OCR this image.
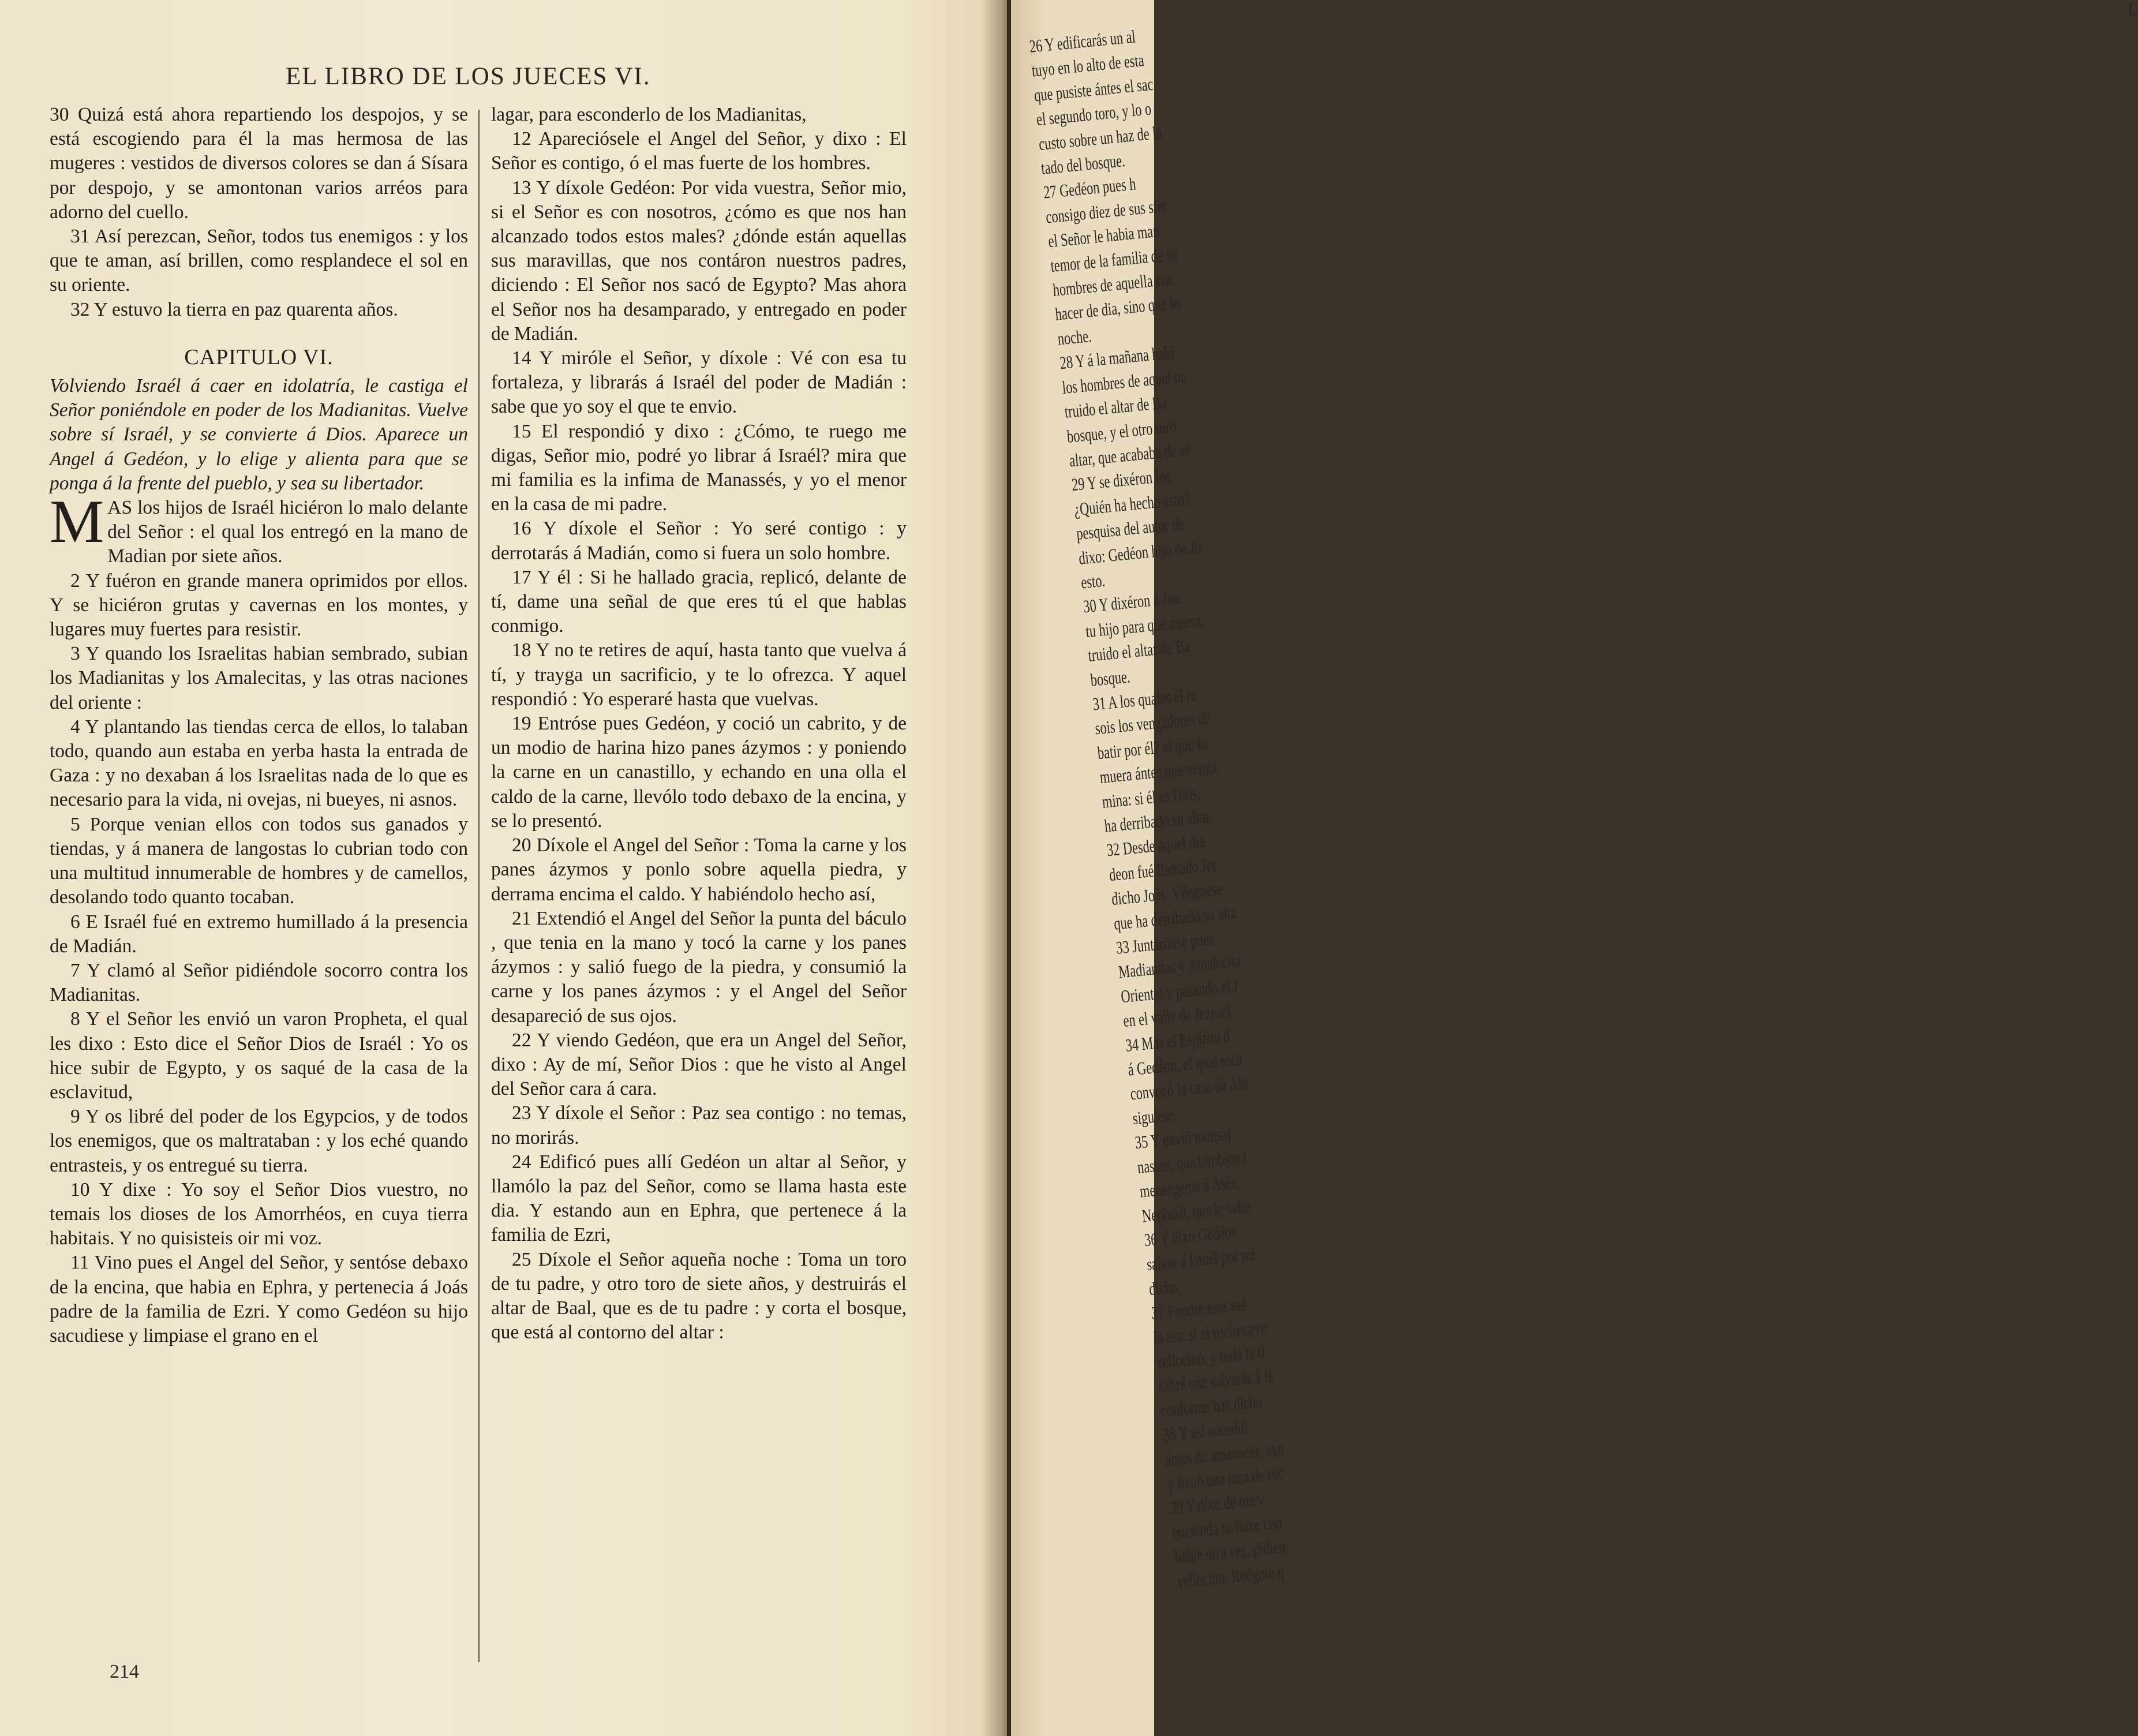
EL LIBRO DE LOS JUECES VI.

30 Quizá está ahora repartiendo los despojos, y se está escogiendo para él la mas hermosa de las mugeres : vestidos de diversos colores se dan á Sísara por despojo, y se amontonan varios arréos para adorno del cuello.

31 Así perezcan, Señor, todos tus enemigos : y los que te aman, así brillen, como resplandece el sol en su oriente.

32 Y estuvo la tierra en paz quarenta años.

CAPITULO VI.

Volviendo Israél á caer en idolatría, le castiga el Señor poniéndole en poder de los Madianitas. Vuelve sobre sí Israél, y se convierte á Dios. Aparece un Angel á Gedéon, y lo elige y alienta para que se ponga á la frente del pueblo, y sea su libertador.

MAS los hijos de Israél hiciéron lo malo delante del Señor : el qual los entregó en la mano de Madian por siete años.

2 Y fuéron en grande manera oprimidos por ellos. Y se hiciéron grutas y cavernas en los montes, y lugares muy fuertes para resistir.

3 Y quando los Israelitas habian sembrado, subian los Madianitas y los Amalecitas, y las otras naciones del oriente :

4 Y plantando las tiendas cerca de ellos, lo talaban todo, quando aun estaba en yerba hasta la entrada de Gaza : y no dexaban á los Israelitas nada de lo que es necesario para la vida, ni ovejas, ni bueyes, ni asnos.

5 Porque venian ellos con todos sus ganados y tiendas, y á manera de langostas lo cubrian todo con una multitud innumerable de hombres y de camellos, desolando todo quanto tocaban.

6 E Israél fué en extremo humillado á la presencia de Madián.

7 Y clamó al Señor pidiéndole socorro contra los Madianitas.

8 Y el Señor les envió un varon Propheta, el qual les dixo : Esto dice el Señor Dios de Israél : Yo os hice subir de Egypto, y os saqué de la casa de la esclavitud,

9 Y os libré del poder de los Egypcios, y de todos los enemigos, que os maltrataban : y los eché quando entrasteis, y os entregué su tierra.

10 Y dixe : Yo soy el Señor Dios vuestro, no temais los dioses de los Amorrhéos, en cuya tierra habitais. Y no quisisteis oir mi voz.

11 Vino pues el Angel del Señor, y sentóse debaxo de la encina, que habia en Ephra, y pertenecia á Joás padre de la familia de Ezri. Y como Gedéon su hijo sacudiese y limpiase el grano en el

lagar, para esconderlo de los Madianitas,

12 Apareciósele el Angel del Señor, y dixo : El Señor es contigo, ó el mas fuerte de los hombres.

13 Y díxole Gedéon: Por vida vuestra, Señor mio, si el Señor es con nosotros, ¿cómo es que nos han alcanzado todos estos males? ¿dónde están aquellas sus maravillas, que nos contáron nuestros padres, diciendo : El Señor nos sacó de Egypto? Mas ahora el Señor nos ha desamparado, y entregado en poder de Madián.

14 Y miróle el Señor, y díxole : Vé con esa tu fortaleza, y librarás á Israél del poder de Madián : sabe que yo soy el que te envio.

15 El respondió y dixo : ¿Cómo, te ruego me digas, Señor mio, podré yo librar á Israél? mira que mi familia es la infima de Manassés, y yo el menor en la casa de mi padre.

16 Y díxole el Señor : Yo seré contigo : y derrotarás á Madián, como si fuera un solo hombre.

17 Y él : Si he hallado gracia, replicó, delante de tí, dame una señal de que eres tú el que hablas conmigo.

18 Y no te retires de aquí, hasta tanto que vuelva á tí, y trayga un sacrificio, y te lo ofrezca. Y aquel respondió : Yo esperaré hasta que vuelvas.

19 Entróse pues Gedéon, y coció un cabrito, y de un modio de harina hizo panes ázymos : y poniendo la carne en un canastillo, y echando en una olla el caldo de la carne, llevólo todo debaxo de la encina, y se lo presentó.

20 Díxole el Angel del Señor : Toma la carne y los panes ázymos y ponlo sobre aquella piedra, y derrama encima el caldo. Y habiéndolo hecho así,

21 Extendió el Angel del Señor la punta del báculo , que tenia en la mano y tocó la carne y los panes ázymos : y salió fuego de la piedra, y consumió la carne y los panes ázymos : y el Angel del Señor desapareció de sus ojos.

22 Y viendo Gedéon, que era un Angel del Señor, dixo : Ay de mí, Señor Dios : que he visto al Angel del Señor cara á cara.

23 Y díxole el Señor : Paz sea contigo : no temas, no morirás.

24 Edificó pues allí Gedéon un altar al Señor, y llamólo la paz del Señor, como se llama hasta este dia. Y estando aun en Ephra, que pertenece á la familia de Ezri,

25 Díxole el Señor aqueña noche : Toma un toro de tu padre, y otro toro de siete años, y destruirás el altar de Baal, que es de tu padre : y corta el bosque, que está al contorno del altar :

214
L
26 Y edificarás un al
tuyo en lo alto de esta
que pusiste ántes el sac
el segundo toro, y lo o
custo sobre un haz de la
tado del bosque.
27 Gedéon pues h
consigo diez de sus sier
el Señor le habia man
temor de la familia de su
hombres de aquella ciu
hacer de dia, sino que lo
noche.
28 Y á la mañana habi
los hombres de aquel pu
truido el altar de Ba
bosque, y el otro toro
altar, que acababa de se
29 Y se dixéron los
¿Quién ha hecho esto?
pesquisa del autor de
dixo: Gedéon hijo de Jo
esto.
30 Y dixéron á Joá
tu hijo para que muera
truido el altar de Ba
bosque.
31 A los quales él re
sois los vengadores de
batir por él? el que fu
muera ántes que venga
mina: si él es Dios,
ha derribado su altar.
32 Desde aquel dia
deon fué llamado Jer
dicho Joás: Vénguese
que ha derribado su alta
33 Juntáronse pues
Madianitas y Amalecita
Oriente: y pasando el J
en el valle de Jezraél.
34 Mas el Espíritu d
á Gedéon, el qual toca
convocó la casa de Abi
siguiese.
35 Y envió mensaj
nassés, que tambien l
mensageros á Asér,
Nephtali, que le salié
36 Y dixo Gedéon
salvar á Israél por mi
dicho,
37 Pondré este vel
la era: si el rocío caye
vellocino, y toda la ti
sabré que salvarás á Is
conforme has dicho.
38 Y así sucedió.
ántes de amanecer, exp
y llenó una taza de roc
39 Y dixo de nuev
encienda tu furor con
hable otra vez, pidien
vellocino. Ruégote q
